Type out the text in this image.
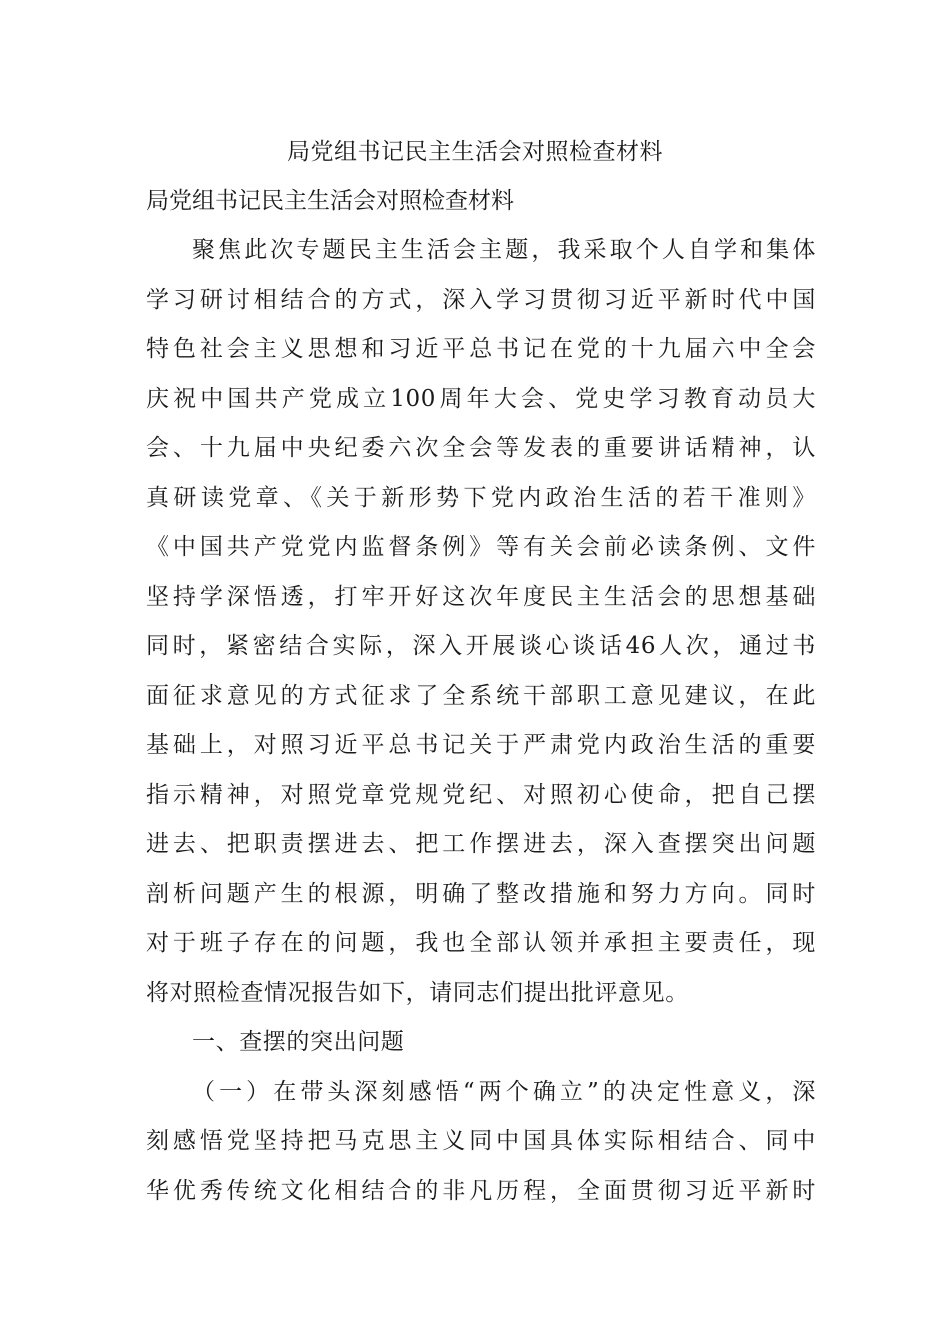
局党组书记民主生活会对照检查材料
局党组书记民主生活会对照检查材料
聚焦此次专题民主生活会主题，我采取个人自学和集体
学习研讨相结合的方式，深入学习贯彻习近平新时代中国
特色社会主义思想和习近平总书记在党的十九届六中全会
庆祝中国共产党成立100周年大会、党史学习教育动员大
会、十九届中央纪委六次全会等发表的重要讲话精神，认
真研读党章、《关于新形势下党内政治生活的若干准则》
《中国共产党党内监督条例》等有关会前必读条例、文件
坚持学深悟透，打牢开好这次年度民主生活会的思想基础
同时，紧密结合实际，深入开展谈心谈话46人次，通过书
面征求意见的方式征求了全系统干部职工意见建议，在此
基础上，对照习近平总书记关于严肃党内政治生活的重要
指示精神，对照党章党规党纪、对照初心使命，把自己摆
进去、把职责摆进去、把工作摆进去，深入查摆突出问题
剖析问题产生的根源，明确了整改措施和努力方向。同时
对于班子存在的问题，我也全部认领并承担主要责任，现
将对照检查情况报告如下，请同志们提出批评意见。
一、查摆的突出问题
（一）在带头深刻感悟“两个确立”的决定性意义，深
刻感悟党坚持把马克思主义同中国具体实际相结合、同中
华优秀传统文化相结合的非凡历程，全面贯彻习近平新时
